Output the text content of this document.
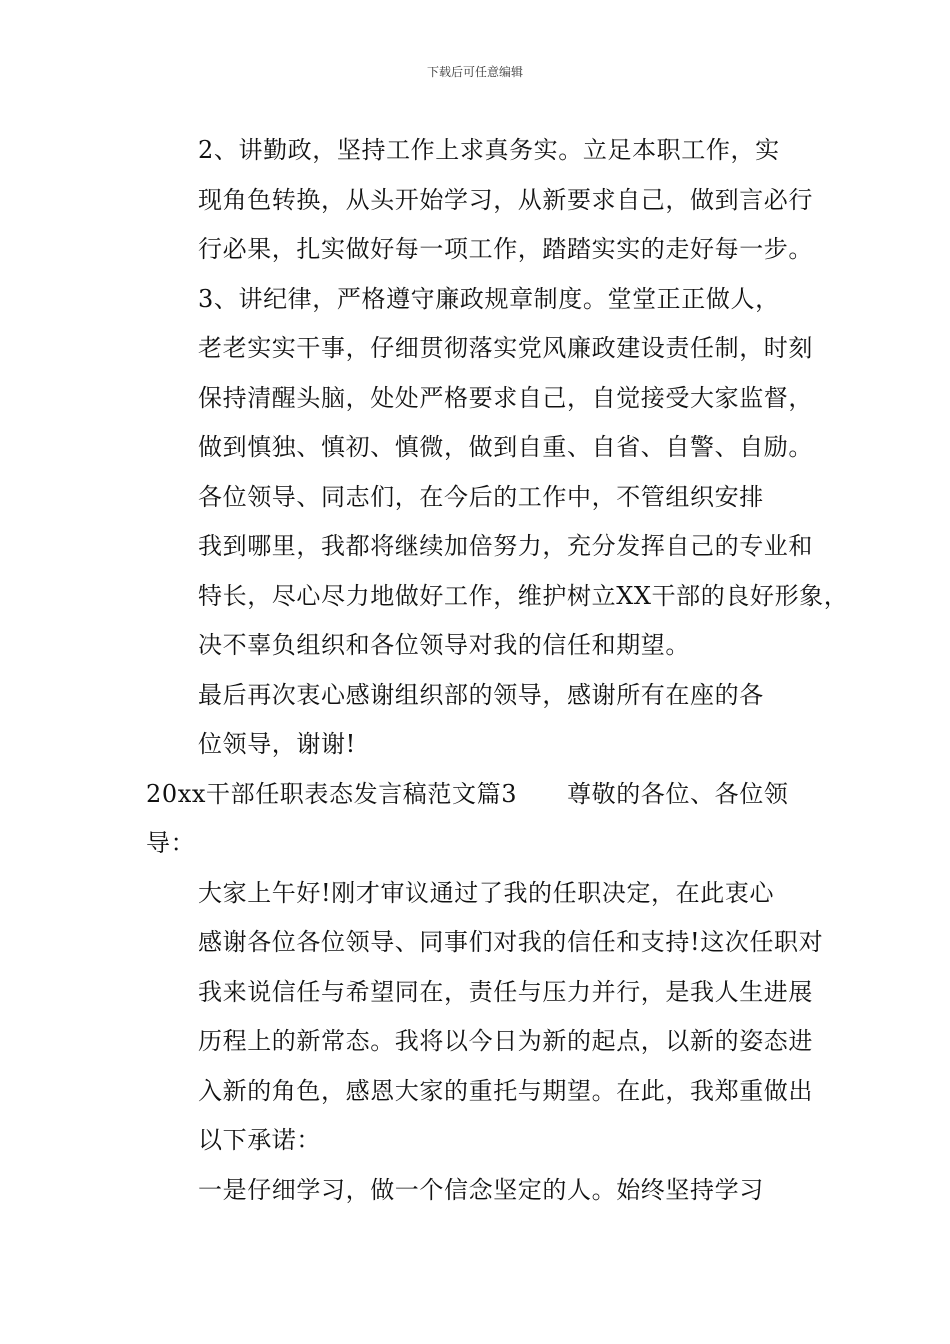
下载后可任意编辑

2、讲勤政，坚持工作上求真务实。立足本职工作，实
现角色转换，从头开始学习，从新要求自己，做到言必行
行必果，扎实做好每一项工作，踏踏实实的走好每一步。

3、讲纪律，严格遵守廉政规章制度。堂堂正正做人，
老老实实干事，仔细贯彻落实党风廉政建设责任制，时刻
保持清醒头脑，处处严格要求自己，自觉接受大家监督，
做到慎独、慎初、慎微，做到自重、自省、自警、自励。

各位领导、同志们，在今后的工作中，不管组织安排
我到哪里，我都将继续加倍努力，充分发挥自己的专业和
特长，尽心尽力地做好工作，维护树立XX干部的良好形象，
决不辜负组织和各位领导对我的信任和期望。

最后再次衷心感谢组织部的领导，感谢所有在座的各
位领导，谢谢!

20xx干部任职表态发言稿范文篇3 尊敬的各位、各位领
导：

大家上午好!刚才审议通过了我的任职决定，在此衷心
感谢各位各位领导、同事们对我的信任和支持!这次任职对
我来说信任与希望同在，责任与压力并行，是我人生进展
历程上的新常态。我将以今日为新的起点，以新的姿态进
入新的角色，感恩大家的重托与期望。在此，我郑重做出
以下承诺：

一是仔细学习，做一个信念坚定的人。始终坚持学习
